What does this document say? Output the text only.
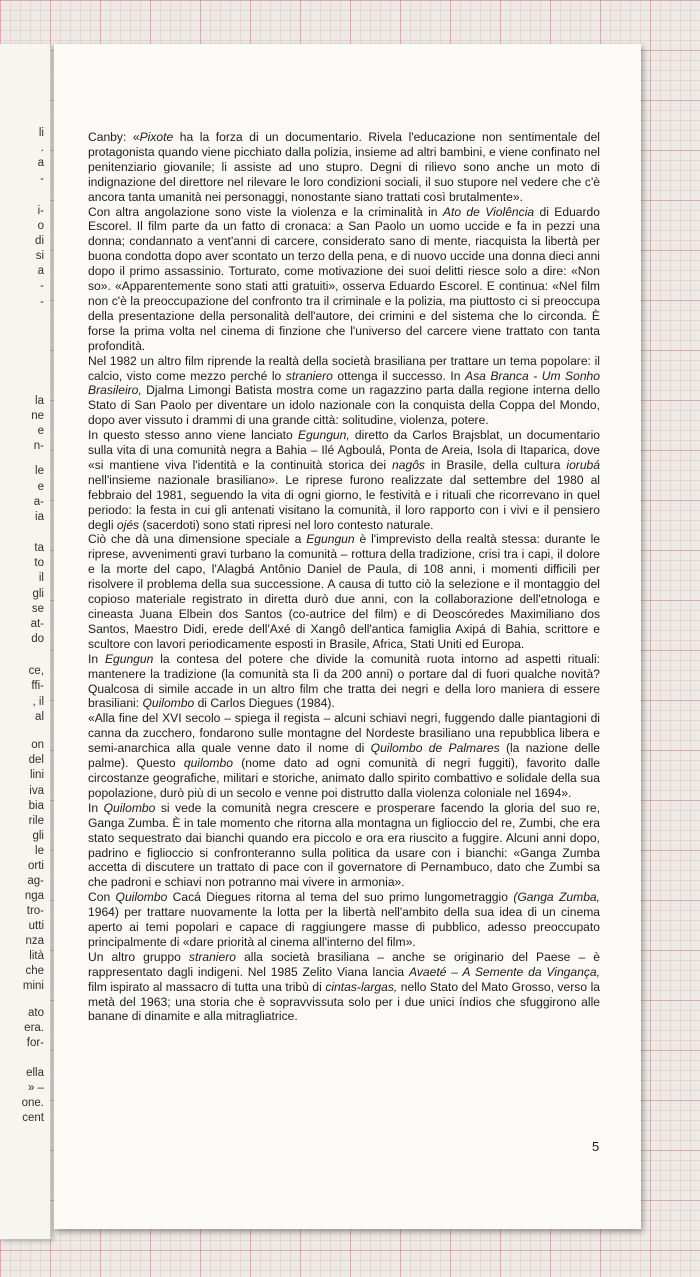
li
.
a
-
i-
o
di
si
a
-
-
la
ne
e
n-
le
e
a-
ia
ta
to
il
gli
se
at-
do
ce,
ffi-
, il
al
on
del
lini
iva
bia
rile
gli
le
orti
ag-
nga
tro-
utti
nza
lità
che
mini
ato
era.
for-
ella
» –
one.
cent

Canby: «Pixote ha la forza di un documentario. Rivela l'educazione non sentimentale del protagonista quando viene picchiato dalla polizia, insieme ad altri bambini, e viene confinato nel penitenziario giovanile; li assiste ad uno stupro. Degni di rilievo sono anche un moto di indignazione del direttore nel rilevare le loro condizioni sociali, il suo stupore nel vedere che c'è ancora tanta umanità nei personaggi, nonostante siano trattati così brutalmente».

Con altra angolazione sono viste la violenza e la criminalità in Ato de Violência di Eduardo Escorel. Il film parte da un fatto di cronaca: a San Paolo un uomo uccide e fa in pezzi una donna; condannato a vent'anni di carcere, considerato sano di mente, riacquista la libertà per buona condotta dopo aver scontato un terzo della pena, e di nuovo uccide una donna dieci anni dopo il primo assassinio. Torturato, come motivazione dei suoi delitti riesce solo a dire: «Non so». «Apparentemente sono stati atti gratuiti», osserva Eduardo Escorel. E continua: «Nel film non c'è la preoccupazione del confronto tra il criminale e la polizia, ma piuttosto ci si preoccupa della presentazione della personalità dell'autore, dei crimini e del sistema che lo circonda. È forse la prima volta nel cinema di finzione che l'universo del carcere viene trattato con tanta profondità.

Nel 1982 un altro film riprende la realtà della società brasiliana per trattare un tema popolare: il calcio, visto come mezzo perché lo straniero ottenga il successo. In Asa Branca - Um Sonho Brasileiro, Djalma Limongi Batista mostra come un ragazzino parta dalla regione interna dello Stato di San Paolo per diventare un idolo nazionale con la conquista della Coppa del Mondo, dopo aver vissuto i drammi di una grande città: solitudine, violenza, potere.

In questo stesso anno viene lanciato Egungun, diretto da Carlos Brajsblat, un documentario sulla vita di una comunità negra a Bahia – Ilé Agboulá, Ponta de Areia, Isola di Itaparica, dove «si mantiene viva l'identità e la continuità storica dei nagôs in Brasile, della cultura iorubá nell'insieme nazionale brasiliano». Le riprese furono realizzate dal settembre del 1980 al febbraio del 1981, seguendo la vita di ogni giorno, le festività e i rituali che ricorrevano in quel periodo: la festa in cui gli antenati visitano la comunità, il loro rapporto con i vivi e il pensiero degli ojés (sacerdoti) sono stati ripresi nel loro contesto naturale.

Ciò che dà una dimensione speciale a Egungun è l'imprevisto della realtà stessa: durante le riprese, avvenimenti gravi turbano la comunità – rottura della tradizione, crisi tra i capi, il dolore e la morte del capo, l'Alagbá Antônio Daniel de Paula, di 108 anni, i momenti difficili per risolvere il problema della sua successione. A causa di tutto ciò la selezione e il montaggio del copioso materiale registrato in diretta durò due anni, con la collaborazione dell'etnologa e cineasta Juana Elbein dos Santos (co-autrice del film) e di Deoscóredes Maximiliano dos Santos, Maestro Didi, erede dell'Axé di Xangô dell'antica famiglia Axipá di Bahia, scrittore e scultore con lavori periodicamente esposti in Brasile, Africa, Stati Uniti ed Europa.

In Egungun la contesa del potere che divide la comunità ruota intorno ad aspetti rituali: mantenere la tradizione (la comunità sta lì da 200 anni) o portare dal di fuori qualche novità? Qualcosa di simile accade in un altro film che tratta dei negri e della loro maniera di essere brasiliani: Quilombo di Carlos Diegues (1984).

«Alla fine del XVI secolo – spiega il regista – alcuni schiavi negri, fuggendo dalle piantagioni di canna da zucchero, fondarono sulle montagne del Nordeste brasiliano una repubblica libera e semi-anarchica alla quale venne dato il nome di Quilombo de Palmares (la nazione delle palme). Questo quilombo (nome dato ad ogni comunità di negri fuggiti), favorito dalle circostanze geografiche, militari e storiche, animato dallo spirito combattivo e solidale della sua popolazione, durò più di un secolo e venne poi distrutto dalla violenza coloniale nel 1694».

In Quilombo si vede la comunità negra crescere e prosperare facendo la gloria del suo re, Ganga Zumba. È in tale momento che ritorna alla montagna un figlioccio del re, Zumbi, che era stato sequestrato dai bianchi quando era piccolo e ora era riuscito a fuggire. Alcuni anni dopo, padrino e figlioccio si confronteranno sulla politica da usare con i bianchi: «Ganga Zumba accetta di discutere un trattato di pace con il governatore di Pernambuco, dato che Zumbi sa che padroni e schiavi non potranno mai vivere in armonia».

Con Quilombo Cacá Diegues ritorna al tema del suo primo lungometraggio (Ganga Zumba, 1964) per trattare nuovamente la lotta per la libertà nell'ambito della sua idea di un cinema aperto ai temi popolari e capace di raggiungere masse di pubblico, adesso preoccupato principalmente di «dare priorità al cinema all'interno del film».

Un altro gruppo straniero alla società brasiliana – anche se originario del Paese – è rappresentato dagli indigeni. Nel 1985 Zelito Viana lancia Avaeté – A Semente da Vingança, film ispirato al massacro di tutta una tribù di cintas-largas, nello Stato del Mato Grosso, verso la metà del 1963; una storia che è sopravvissuta solo per i due unici índios che sfuggirono alle banane di dinamite e alla mitragliatrice.

5
